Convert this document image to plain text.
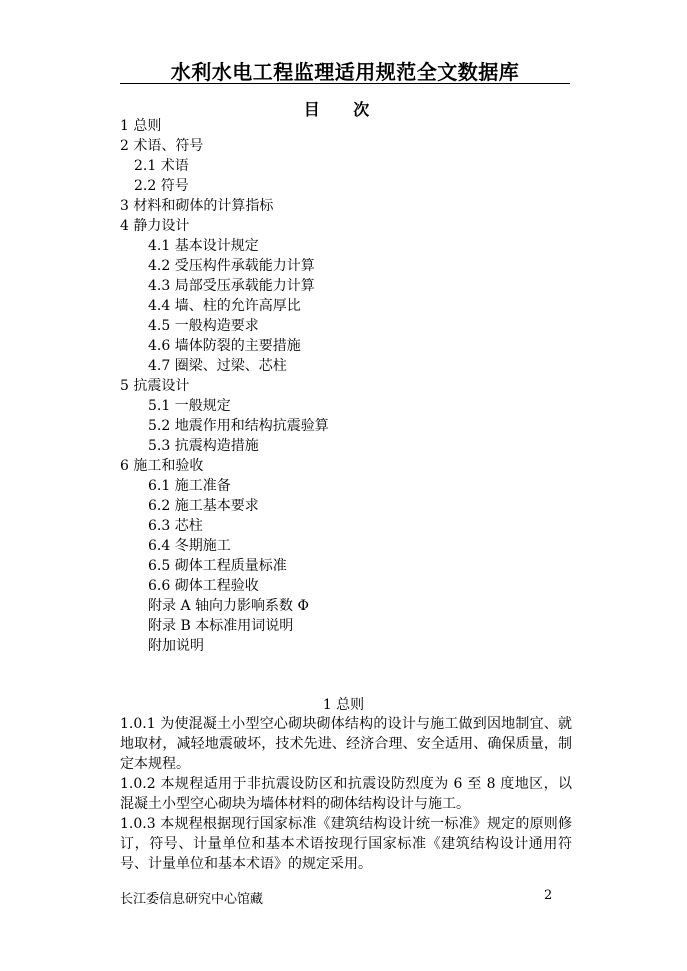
水利水电工程监理适用规范全文数据库
目 次
1 总则
2 术语、符号
2.1 术语
2.2 符号
3 材料和砌体的计算指标
4 静力设计
4.1 基本设计规定
4.2 受压构件承载能力计算
4.3 局部受压承载能力计算
4.4 墙、柱的允许高厚比
4.5 一般构造要求
4.6 墙体防裂的主要措施
4.7 圈梁、过梁、芯柱
5 抗震设计
5.1 一般规定
5.2 地震作用和结构抗震验算
5.3 抗震构造措施
6 施工和验收
6.1 施工准备
6.2 施工基本要求
6.3 芯柱
6.4 冬期施工
6.5 砌体工程质量标准
6.6 砌体工程验收
附录 A 轴向力影响系数 Φ
附录 B 本标准用词说明
附加说明
1 总则

1.0.1 为使混凝土小型空心砌块砌体结构的设计与施工做到因地制宜、就地取材，减轻地震破坏，技术先进、经济合理、安全适用、确保质量，制定本规程。

1.0.2 本规程适用于非抗震设防区和抗震设防烈度为 6 至 8 度地区，以混凝土小型空心砌块为墙体材料的砌体结构设计与施工。

1.0.3 本规程根据现行国家标准《建筑结构设计统一标准》规定的原则修订，符号、计量单位和基本术语按现行国家标准《建筑结构设计通用符号、计量单位和基本术语》的规定采用。

长江委信息研究中心馆藏	2
